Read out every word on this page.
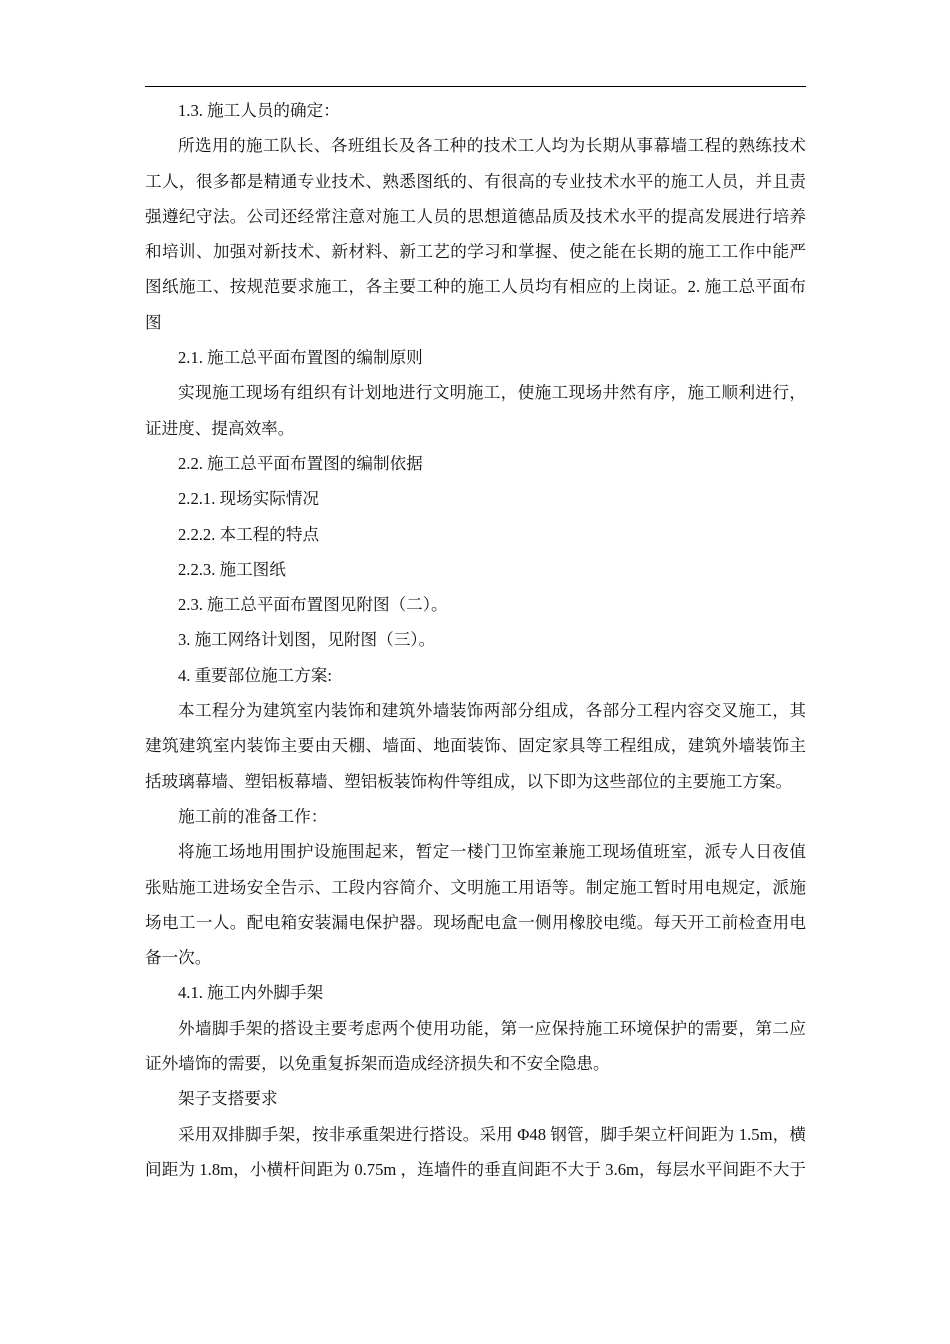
1.3. 施工人员的确定：
所选用的施工队长、各班组长及各工种的技术工人均为长期从事幕墙工程的熟练技术
工人，很多都是精通专业技术、熟悉图纸的、有很高的专业技术水平的施工人员，并且责
强遵纪守法。公司还经常注意对施工人员的思想道德品质及技术水平的提高发展进行培养
和培训、加强对新技术、新材料、新工艺的学习和掌握、使之能在长期的施工工作中能严
图纸施工、按规范要求施工，各主要工种的施工人员均有相应的上岗证。2. 施工总平面布
图
2.1. 施工总平面布置图的编制原则
实现施工现场有组织有计划地进行文明施工，使施工现场井然有序，施工顺利进行，
证进度、提高效率。
2.2. 施工总平面布置图的编制依据
2.2.1. 现场实际情况
2.2.2. 本工程的特点
2.2.3. 施工图纸
2.3. 施工总平面布置图见附图（二）。
3. 施工网络计划图，见附图（三）。
4. 重要部位施工方案:
本工程分为建筑室内装饰和建筑外墙装饰两部分组成，各部分工程内容交叉施工，其
建筑建筑室内装饰主要由天棚、墙面、地面装饰、固定家具等工程组成，建筑外墙装饰主
括玻璃幕墙、塑铝板幕墙、塑铝板装饰构件等组成，以下即为这些部位的主要施工方案。
施工前的准备工作：
将施工场地用围护设施围起来，暂定一楼门卫饰室兼施工现场值班室，派专人日夜值
张贴施工进场安全告示、工段内容简介、文明施工用语等。制定施工暂时用电规定，派施
场电工一人。配电箱安装漏电保护器。现场配电盒一侧用橡胶电缆。每天开工前检查用电
备一次。
4.1. 施工内外脚手架
外墙脚手架的搭设主要考虑两个使用功能，第一应保持施工环境保护的需要，第二应
证外墙饰的需要，以免重复拆架而造成经济损失和不安全隐患。
架子支搭要求
采用双排脚手架，按非承重架进行搭设。采用 Φ48 钢管，脚手架立杆间距为 1.5m，横
间距为 1.8m，小横杆间距为 0.75m ，连墙件的垂直间距不大于 3.6m，每层水平间距不大于
